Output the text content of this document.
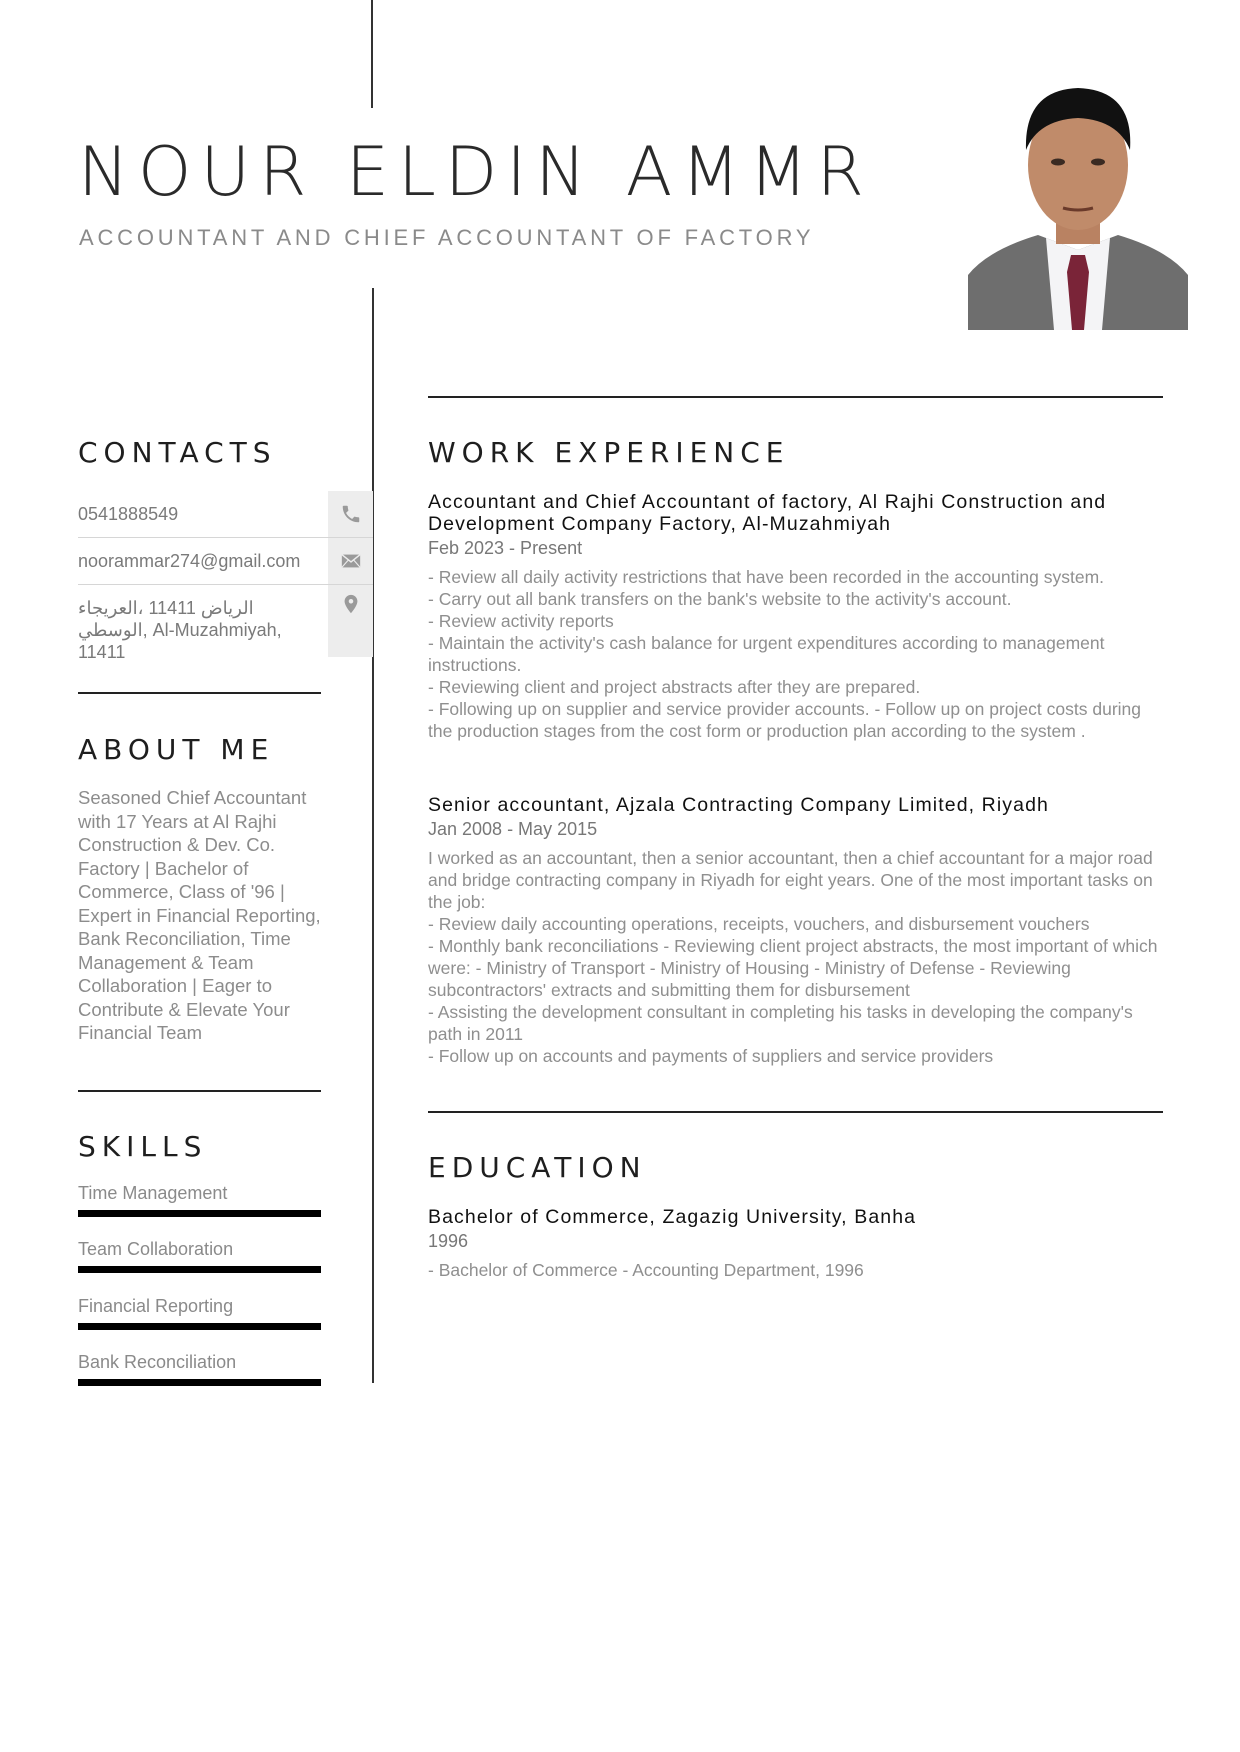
NOUR ELDIN AMMR
ACCOUNTANT AND CHIEF ACCOUNTANT OF FACTORY
CONTACTS
0541888549
noorammar274@gmail.com
الرياض 11411 ،العريجاء الوسطي, Al-Muzahmiyah, 11411
ABOUT ME
Seasoned Chief Accountant with 17 Years at Al Rajhi Construction & Dev. Co. Factory | Bachelor of Commerce, Class of '96 | Expert in Financial Reporting, Bank Reconciliation, Time Management & Team Collaboration | Eager to Contribute & Elevate Your Financial Team
SKILLS
Time Management
Team Collaboration
Financial Reporting
Bank Reconciliation
WORK EXPERIENCE
Accountant and Chief Accountant of factory, Al Rajhi Construction and Development Company Factory, Al-Muzahmiyah
Feb 2023 - Present
- Review all daily activity restrictions that have been recorded in the accounting system.
- Carry out all bank transfers on the bank's website to the activity's account.
- Review activity reports
- Maintain the activity's cash balance for urgent expenditures according to management instructions.
- Reviewing client and project abstracts after they are prepared.
- Following up on supplier and service provider accounts. - Follow up on project costs during the production stages from the cost form or production plan according to the system .
Senior accountant, Ajzala Contracting Company Limited, Riyadh
Jan 2008 - May 2015
I worked as an accountant, then a senior accountant, then a chief accountant for a major road and bridge contracting company in Riyadh for eight years. One of the most important tasks on the job:
- Review daily accounting operations, receipts, vouchers, and disbursement vouchers
- Monthly bank reconciliations - Reviewing client project abstracts, the most important of which were: - Ministry of Transport - Ministry of Housing - Ministry of Defense - Reviewing subcontractors' extracts and submitting them for disbursement
- Assisting the development consultant in completing his tasks in developing the company's path in 2011
- Follow up on accounts and payments of suppliers and service providers
EDUCATION
Bachelor of Commerce, Zagazig University, Banha
1996
- Bachelor of Commerce - Accounting Department, 1996
